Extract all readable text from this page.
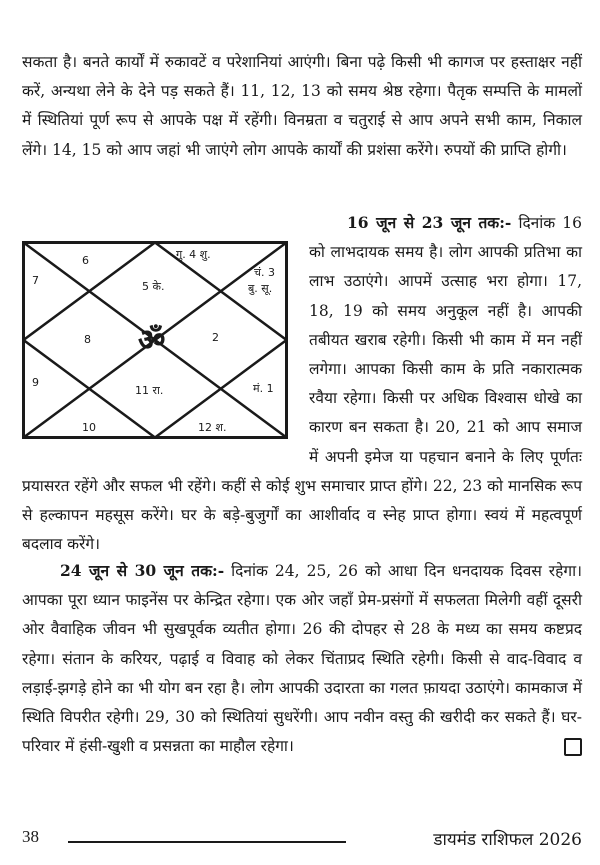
सकता है। बनते कार्यों में रुकावटें व परेशानियां आएंगी। बिना पढ़े किसी भी कागज पर हस्ताक्षर नहीं करें, अन्यथा लेने के देने पड़ सकते हैं। 11, 12, 13 को समय श्रेष्ठ रहेगा। पैतृक सम्पत्ति के मामलों में स्थितियां पूर्ण रूप से आपके पक्ष में रहेंगी। विनम्रता व चतुराई से आप अपने सभी काम, निकाल लेंगे। 14, 15 को आप जहां भी जाएंगे लोग आपके कार्यों की प्रशंसा करेंगे। रुपयों की प्राप्ति होगी।

16 जून से 23 जून तक:- दिनांक 16 को लाभदायक समय है। लोग आपकी प्रतिभा का लाभ उठाएंगे। आपमें उत्साह भरा होगा। 17, 18, 19 को समय अनुकूल नहीं है। आपकी तबीयत खराब रहेगी। किसी भी काम में मन नहीं लगेगा। आपका किसी काम के प्रति नकारात्मक रवैया रहेगा। किसी पर अधिक विश्वास धोखे का कारण बन सकता है। 20, 21 को आप समाज में अपनी इमेज या पहचान बनाने के लिए पूर्णतः प्रयासरत रहेंगे और सफल भी रहेंगे। कहीं से कोई शुभ समाचार प्राप्त होंगे। 22, 23 को मानसिक रूप से हल्कापन महसूस करेंगे। घर के बड़े-बुजुर्गों का आशीर्वाद व स्नेह प्राप्त होगा। स्वयं में महत्वपूर्ण बदलाव करेंगे।

24 जून से 30 जून तक:- दिनांक 24, 25, 26 को आधा दिन धनदायक दिवस रहेगा। आपका पूरा ध्यान फाइनेंस पर केन्द्रित रहेगा। एक ओर जहाँ प्रेम-प्रसंगों में सफलता मिलेगी वहीं दूसरी ओर वैवाहिक जीवन भी सुखपूर्वक व्यतीत होगा। 26 की दोपहर से 28 के मध्य का समय कष्टप्रद रहेगा। संतान के करियर, पढ़ाई व विवाह को लेकर चिंताप्रद स्थिति रहेगी। किसी से वाद-विवाद व लड़ाई-झगड़े होने का भी योग बन रहा है। लोग आपकी उदारता का गलत फ़ायदा उठाएंगे। कामकाज में स्थिति विपरीत रहेगी। 29, 30 को स्थितियां सुधरेंगी। आप नवीन वस्तु की खरीदी कर सकते हैं। घर-परिवार में हंसी-खुशी व प्रसन्नता का माहौल रहेगा।

गु. 4 शु.
5 के.
6
7
8
9
10
11 रा.
12 श.
मं. 1
2
चं. 3
बु. सू.
ॐ
38	डायमंड राशिफल 2026
